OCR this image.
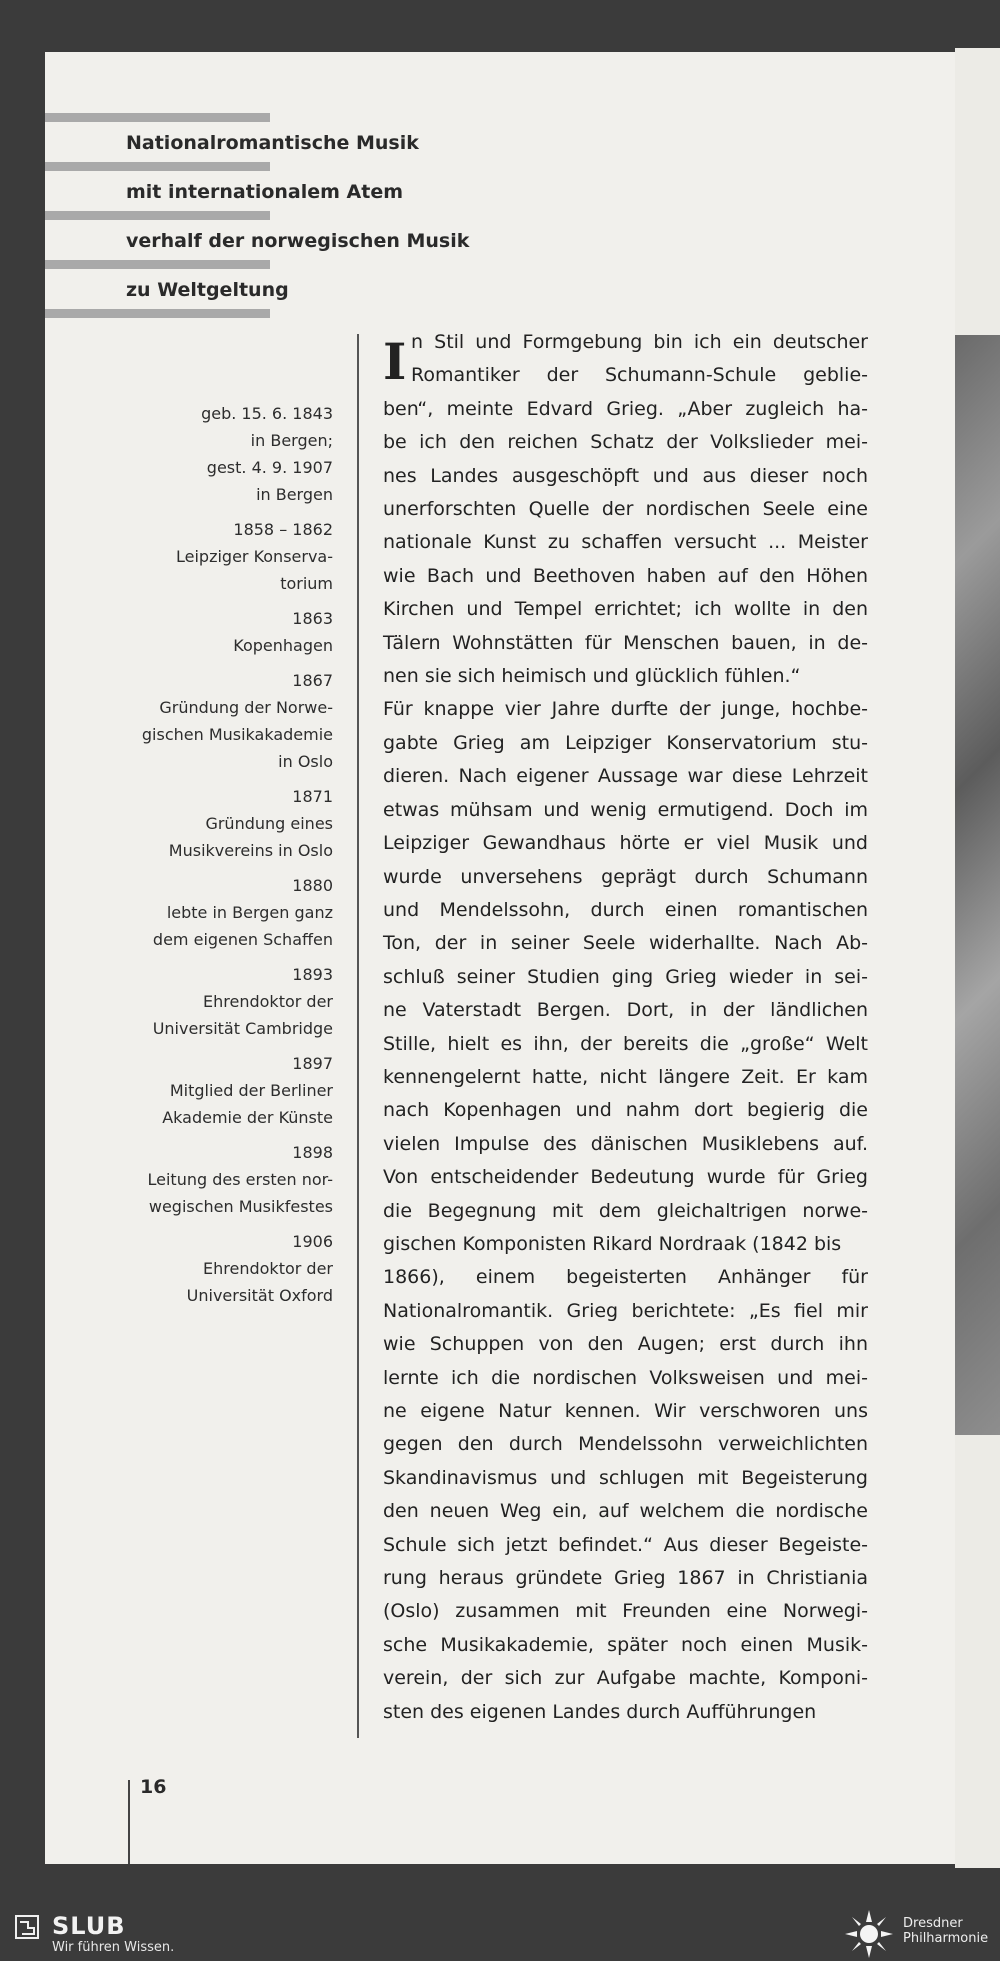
Nationalromantische Musik
mit internationalem Atem
verhalf der norwegischen Musik
zu Weltgeltung
geb. 15. 6. 1843
in Bergen;
gest. 4. 9. 1907
in Bergen
1858 – 1862
Leipziger Konserva-
torium
1863
Kopenhagen
1867
Gründung der Norwe-
gischen Musikakademie
in Oslo
1871
Gründung eines
Musikvereins in Oslo
1880
lebte in Bergen ganz
dem eigenen Schaffen
1893
Ehrendoktor der
Universität Cambridge
1897
Mitglied der Berliner
Akademie der Künste
1898
Leitung des ersten nor-
wegischen Musikfestes
1906
Ehrendoktor der
Universität Oxford
I n Stil und Formgebung bin ich ein deutscher
Romantiker der Schumann-Schule geblie-
ben“, meinte Edvard Grieg. „Aber zugleich ha-
be ich den reichen Schatz der Volkslieder mei-
nes Landes ausgeschöpft und aus dieser noch
unerforschten Quelle der nordischen Seele eine
nationale Kunst zu schaffen versucht ... Meister
wie Bach und Beethoven haben auf den Höhen
Kirchen und Tempel errichtet; ich wollte in den
Tälern Wohnstätten für Menschen bauen, in de-
nen sie sich heimisch und glücklich fühlen.“
Für knappe vier Jahre durfte der junge, hochbe-
gabte Grieg am Leipziger Konservatorium stu-
dieren. Nach eigener Aussage war diese Lehrzeit
etwas mühsam und wenig ermutigend. Doch im
Leipziger Gewandhaus hörte er viel Musik und
wurde unversehens geprägt durch Schumann
und Mendelssohn, durch einen romantischen
Ton, der in seiner Seele widerhallte. Nach Ab-
schluß seiner Studien ging Grieg wieder in sei-
ne Vaterstadt Bergen. Dort, in der ländlichen
Stille, hielt es ihn, der bereits die „große“ Welt
kennengelernt hatte, nicht längere Zeit. Er kam
nach Kopenhagen und nahm dort begierig die
vielen Impulse des dänischen Musiklebens auf.
Von entscheidender Bedeutung wurde für Grieg
die Begegnung mit dem gleichaltrigen norwe-
gischen Komponisten Rikard Nordraak (1842 bis
1866), einem begeisterten Anhänger für
Nationalromantik. Grieg berichtete: „Es fiel mir
wie Schuppen von den Augen; erst durch ihn
lernte ich die nordischen Volksweisen und mei-
ne eigene Natur kennen. Wir verschworen uns
gegen den durch Mendelssohn verweichlichten
Skandinavismus und schlugen mit Begeisterung
den neuen Weg ein, auf welchem die nordische
Schule sich jetzt befindet.“ Aus dieser Begeiste-
rung heraus gründete Grieg 1867 in Christiania
(Oslo) zusammen mit Freunden eine Norwegi-
sche Musikakademie, später noch einen Musik-
verein, der sich zur Aufgabe machte, Komponi-
sten des eigenen Landes durch Aufführungen
16
SLUB
Wir führen Wissen.
Dresdner
Philharmonie
